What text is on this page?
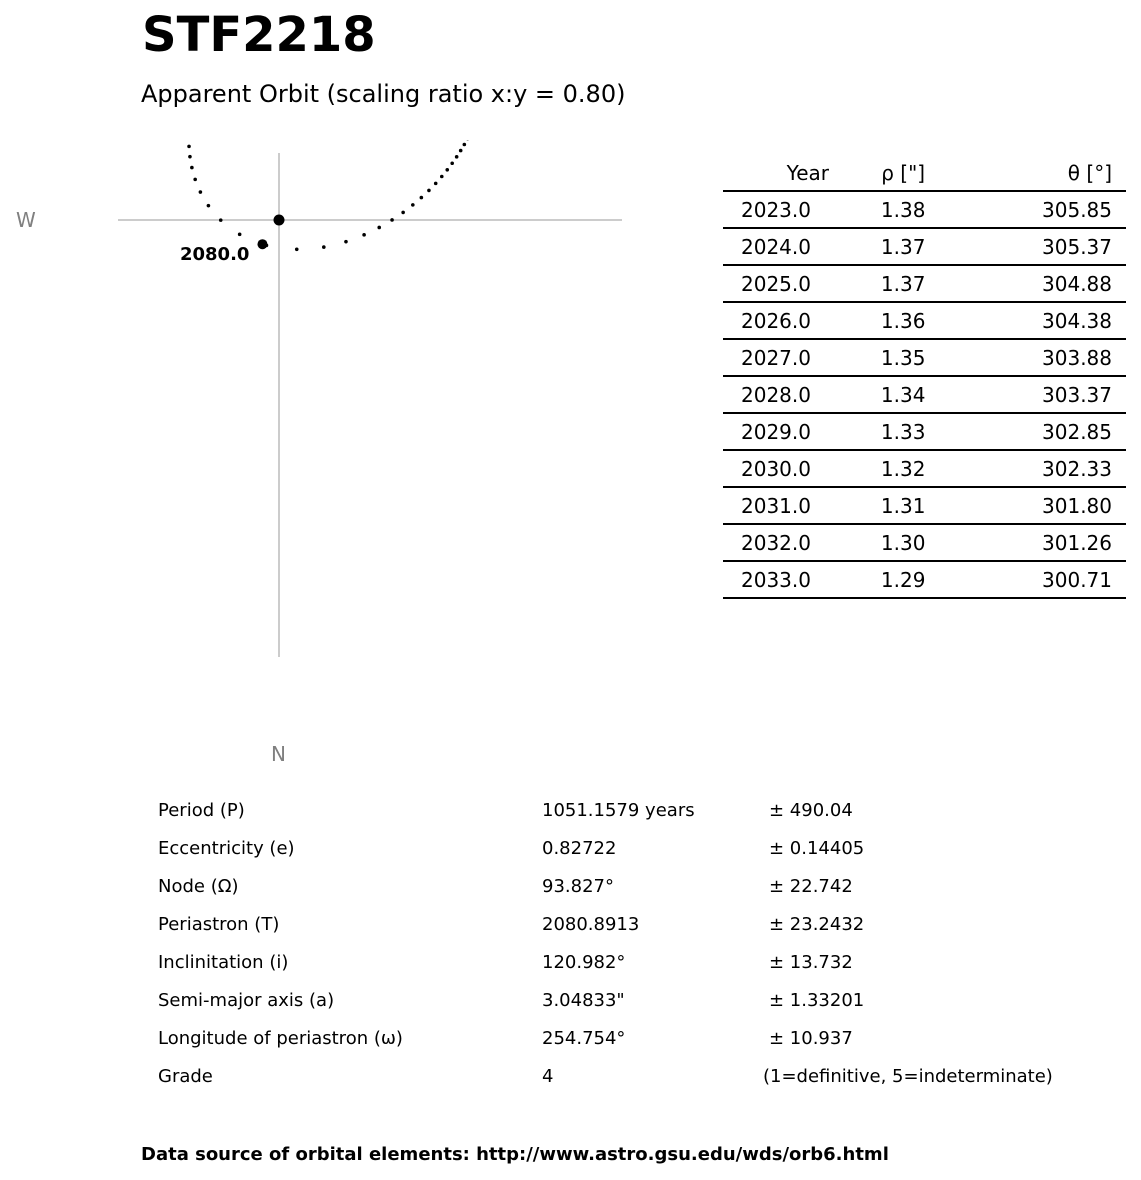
STF2218
Apparent Orbit (scaling ratio x:y = 0.80)
2080.0
W
N
Year	ρ ["]	θ [°]
2023.0	1.38	305.85
2024.0	1.37	305.37
2025.0	1.37	304.88
2026.0	1.36	304.38
2027.0	1.35	303.88
2028.0	1.34	303.37
2029.0	1.33	302.85
2030.0	1.32	302.33
2031.0	1.31	301.80
2032.0	1.30	301.26
2033.0	1.29	300.71
Period (P)	1051.1579 years	± 490.04
Eccentricity (e)	0.82722	± 0.14405
Node (Ω)	93.827°	± 22.742
Periastron (T)	2080.8913	± 23.2432
Inclinitation (i)	120.982°	± 13.732
Semi-major axis (a)	3.04833"	± 1.33201
Longitude of periastron (ω)	254.754°	± 10.937
Grade	4	(1=definitive, 5=indeterminate)
Data source of orbital elements: http://www.astro.gsu.edu/wds/orb6.html
